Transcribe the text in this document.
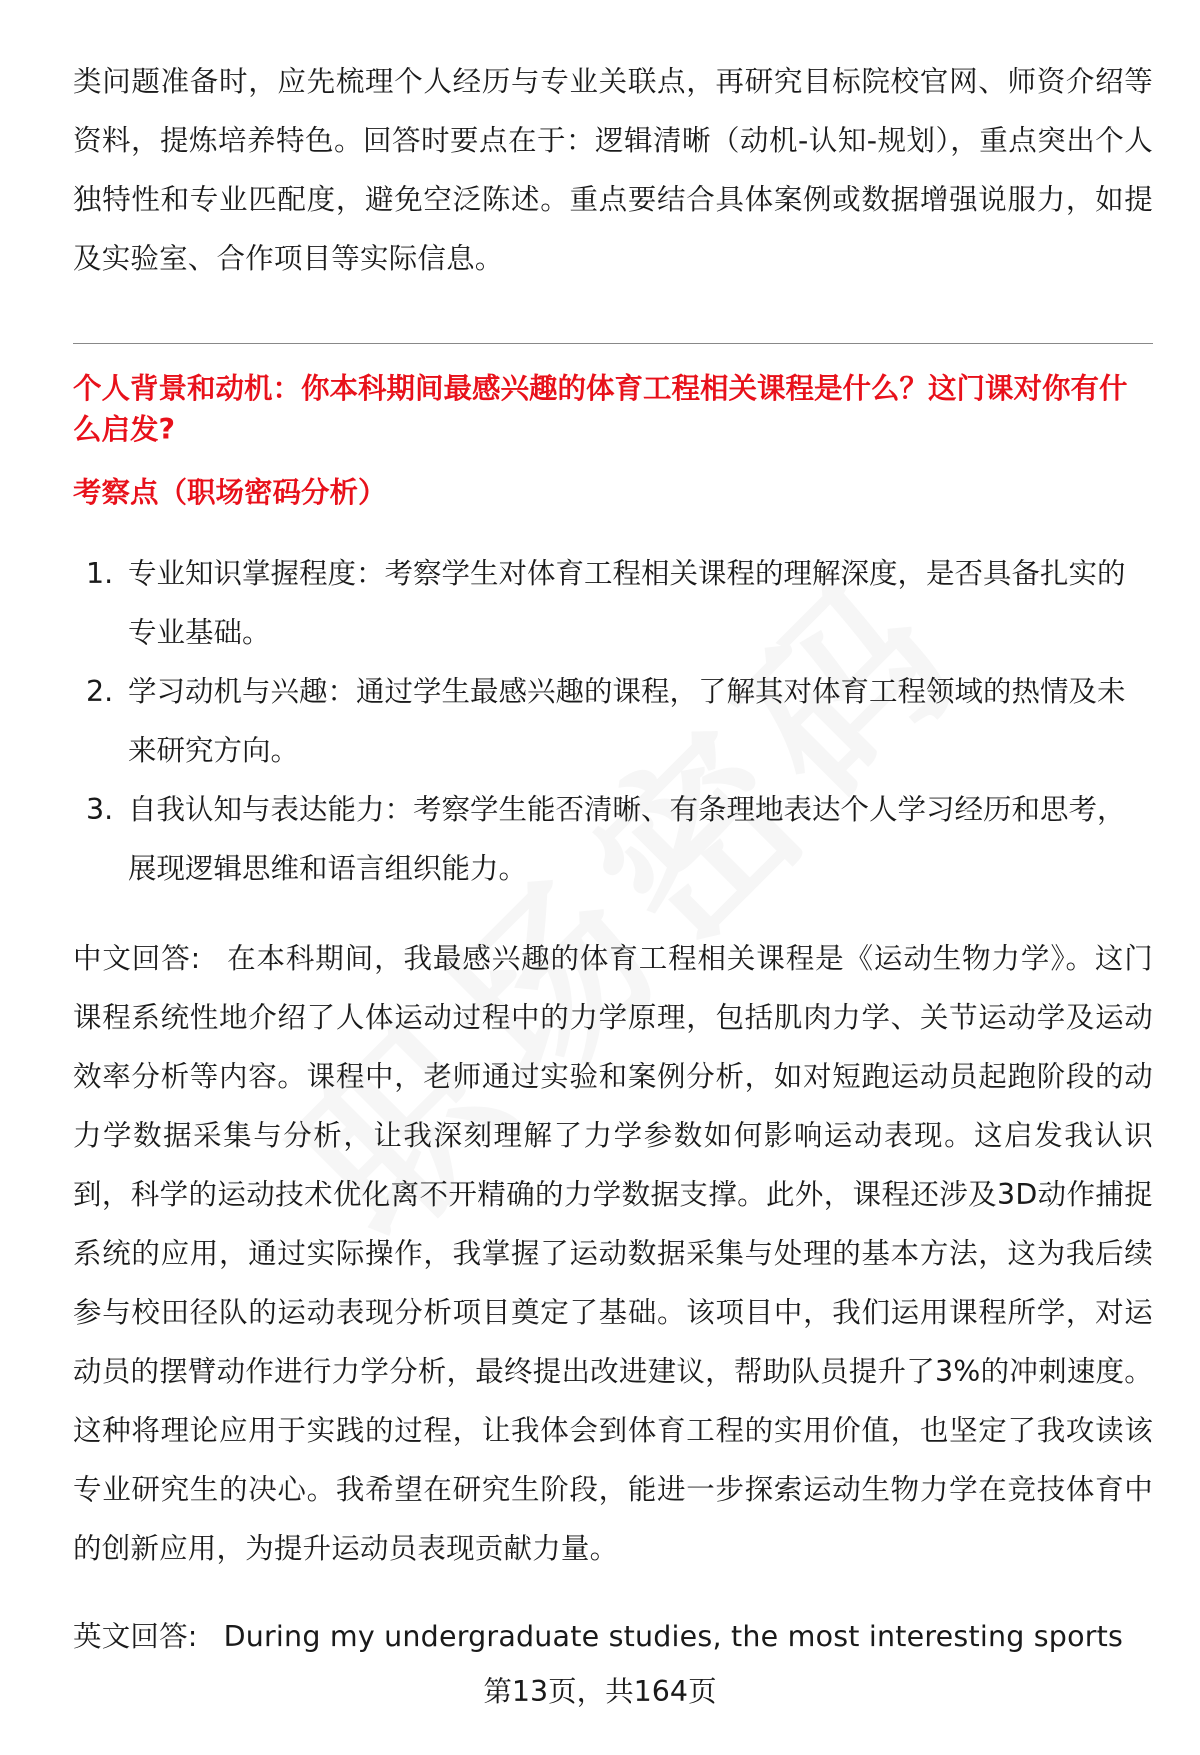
类问题准备时，应先梳理个人经历与专业关联点，再研究目标院校官网、师资介绍等资料，提炼培养特色。回答时要点在于：逻辑清晰（动机-认知-规划），重点突出个人独特性和专业匹配度，避免空泛陈述。重点要结合具体案例或数据增强说服力，如提及实验室、合作项目等实际信息。

个人背景和动机：你本科期间最感兴趣的体育工程相关课程是什么？这门课对你有什么启发?
考察点（职场密码分析）
1. 专业知识掌握程度：考察学生对体育工程相关课程的理解深度，是否具备扎实的专业基础。
2. 学习动机与兴趣：通过学生最感兴趣的课程，了解其对体育工程领域的热情及未来研究方向。
3. 自我认知与表达能力：考察学生能否清晰、有条理地表达个人学习经历和思考，展现逻辑思维和语言组织能力。

中文回答: 在本科期间，我最感兴趣的体育工程相关课程是《运动生物力学》。这门课程系统性地介绍了人体运动过程中的力学原理，包括肌肉力学、关节运动学及运动效率分析等内容。课程中，老师通过实验和案例分析，如对短跑运动员起跑阶段的动力学数据采集与分析，让我深刻理解了力学参数如何影响运动表现。这启发我认识到，科学的运动技术优化离不开精确的力学数据支撑。此外，课程还涉及3D动作捕捉系统的应用，通过实际操作，我掌握了运动数据采集与处理的基本方法，这为我后续参与校田径队的运动表现分析项目奠定了基础。该项目中，我们运用课程所学，对运动员的摆臂动作进行力学分析，最终提出改进建议，帮助队员提升了3%的冲刺速度。这种将理论应用于实践的过程，让我体会到体育工程的实用价值，也坚定了我攻读该专业研究生的决心。我希望在研究生阶段，能进一步探索运动生物力学在竞技体育中的创新应用，为提升运动员表现贡献力量。

英文回答: During my undergraduate studies, the most interesting sports

第13页，共164页
